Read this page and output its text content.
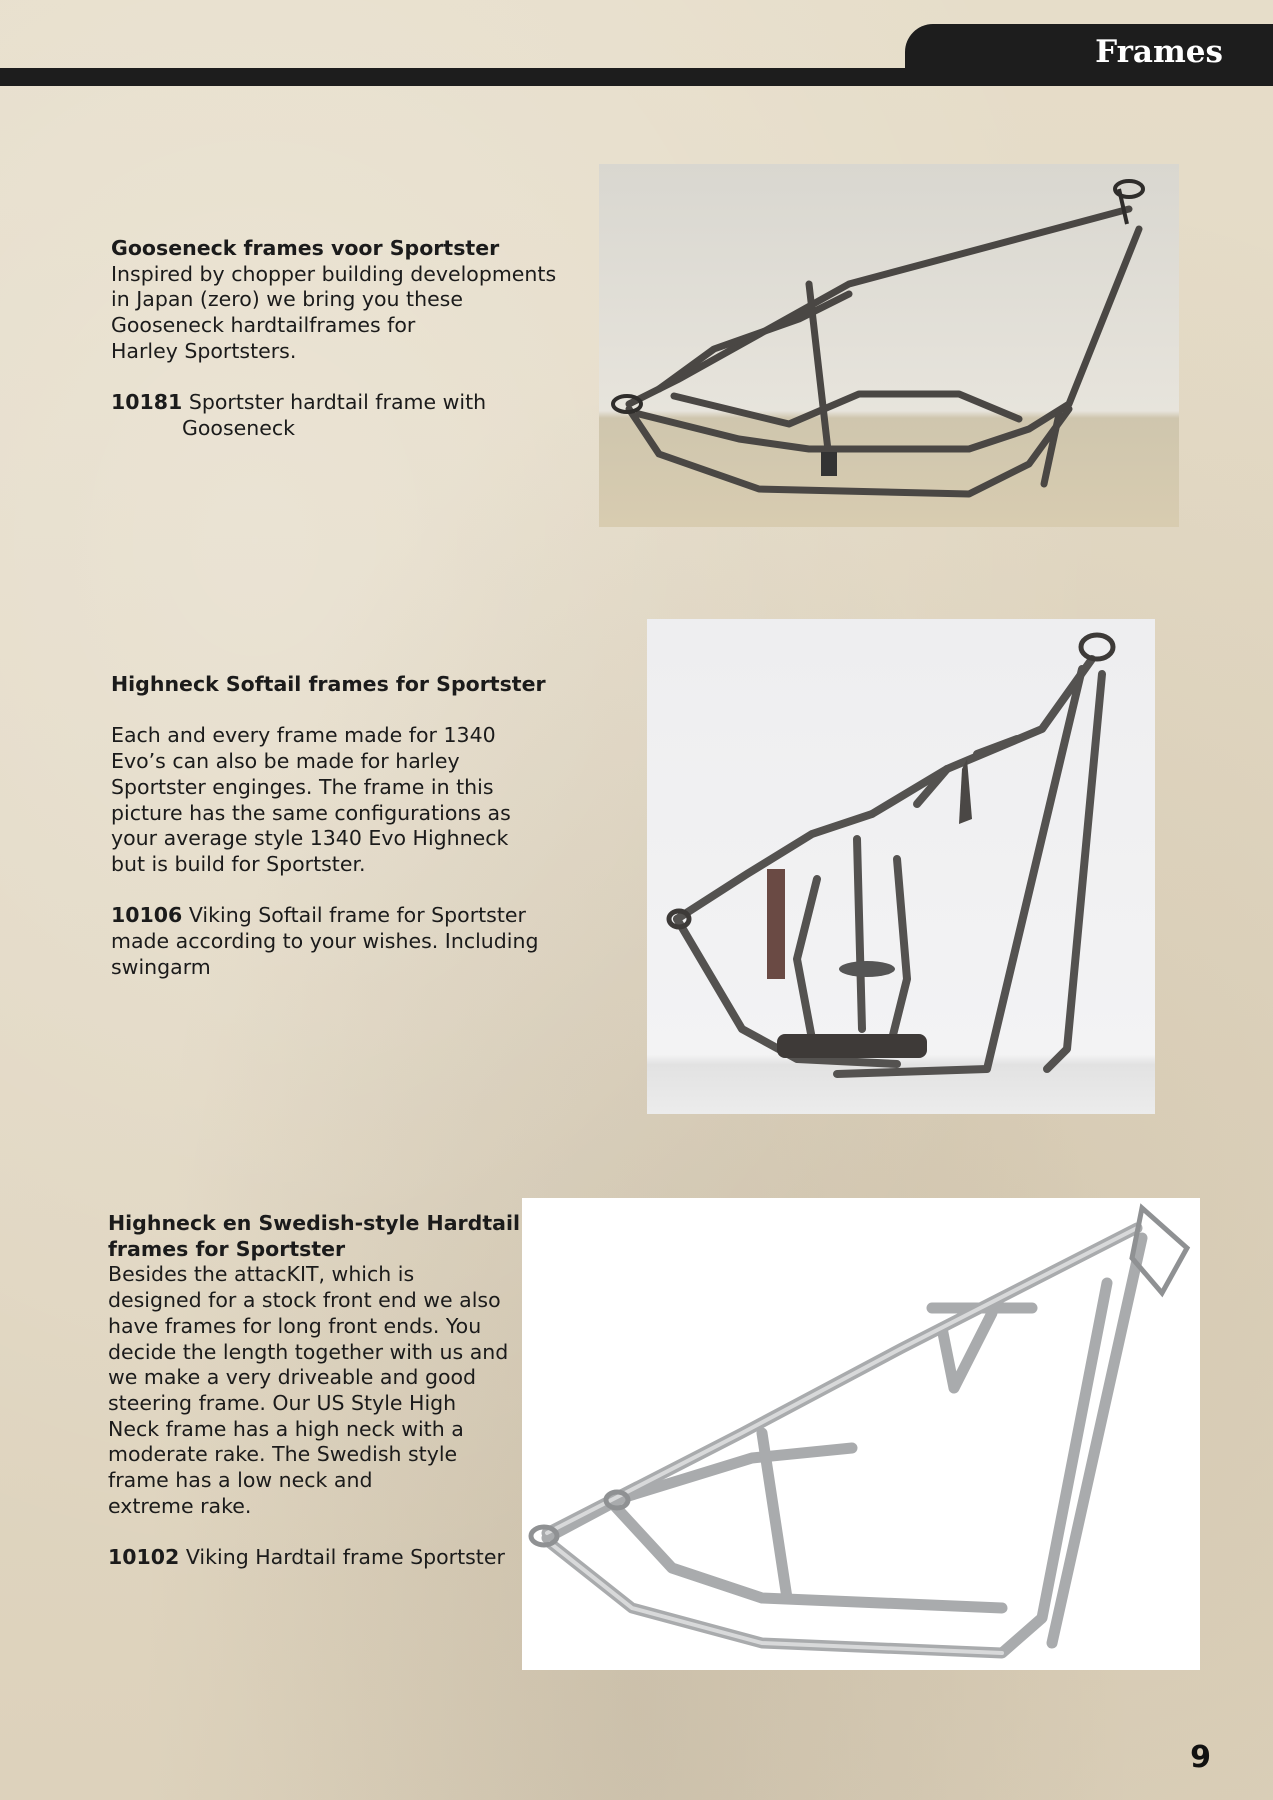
Frames

Gooseneck frames voor Sportster

Inspired by chopper building developments

in Japan (zero) we bring you these

Gooseneck hardtailframes for

Harley Sportsters.

10181 Sportster hardtail frame with

Gooseneck

Highneck Softail frames for Sportster

Each and every frame made for 1340

Evo’s can also be made for harley

Sportster enginges. The frame in this

picture has the same configurations as

your average style 1340 Evo Highneck

but is build for Sportster.

10106 Viking Softail frame for Sportster

made according to your wishes. Including

swingarm

Highneck en Swedish-style Hardtail

frames for Sportster

Besides the attacKIT, which is

designed for a stock front end we also

have frames for long front ends. You

decide the length together with us and

we make a very driveable and good

steering frame. Our US Style High

Neck frame has a high neck with a

moderate rake. The Swedish style

frame has a low neck and

extreme rake.

10102 Viking Hardtail frame Sportster

9
